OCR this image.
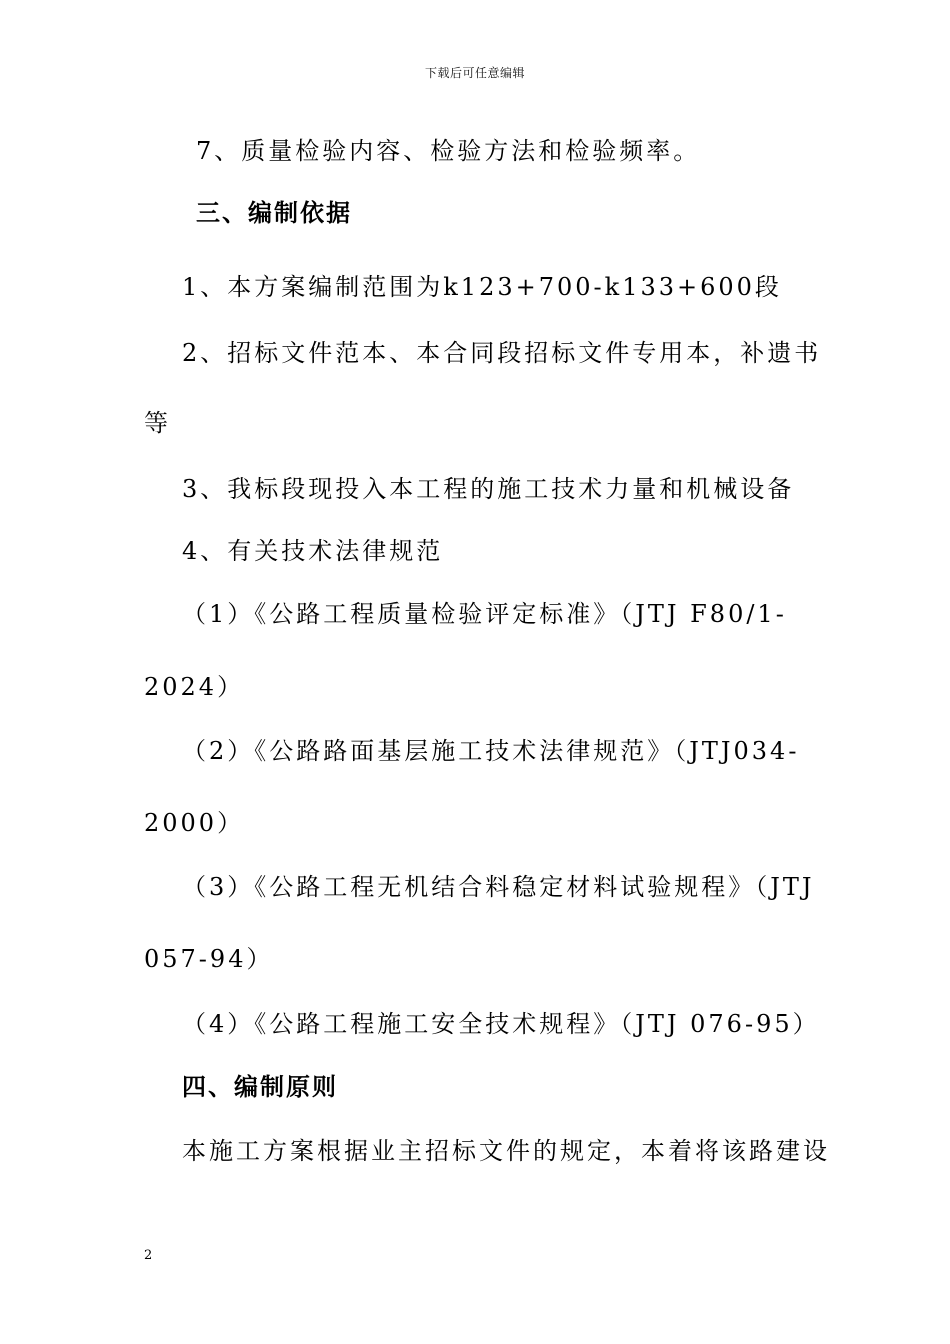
下载后可任意编辑
7、质量检验内容、检验方法和检验频率。
三、编制依据
1、本方案编制范围为k123+700-k133+600段
2、招标文件范本、本合同段招标文件专用本，补遗书
等
3、我标段现投入本工程的施工技术力量和机械设备
4、有关技术法律规范
（1）《公路工程质量检验评定标准》（JTJ F80/1-
2024）
（2）《公路路面基层施工技术法律规范》（JTJ034-
2000）
（3）《公路工程无机结合料稳定材料试验规程》（JTJ
057-94）
（4）《公路工程施工安全技术规程》（JTJ 076-95）
四、编制原则
本施工方案根据业主招标文件的规定，本着将该路建设
2
